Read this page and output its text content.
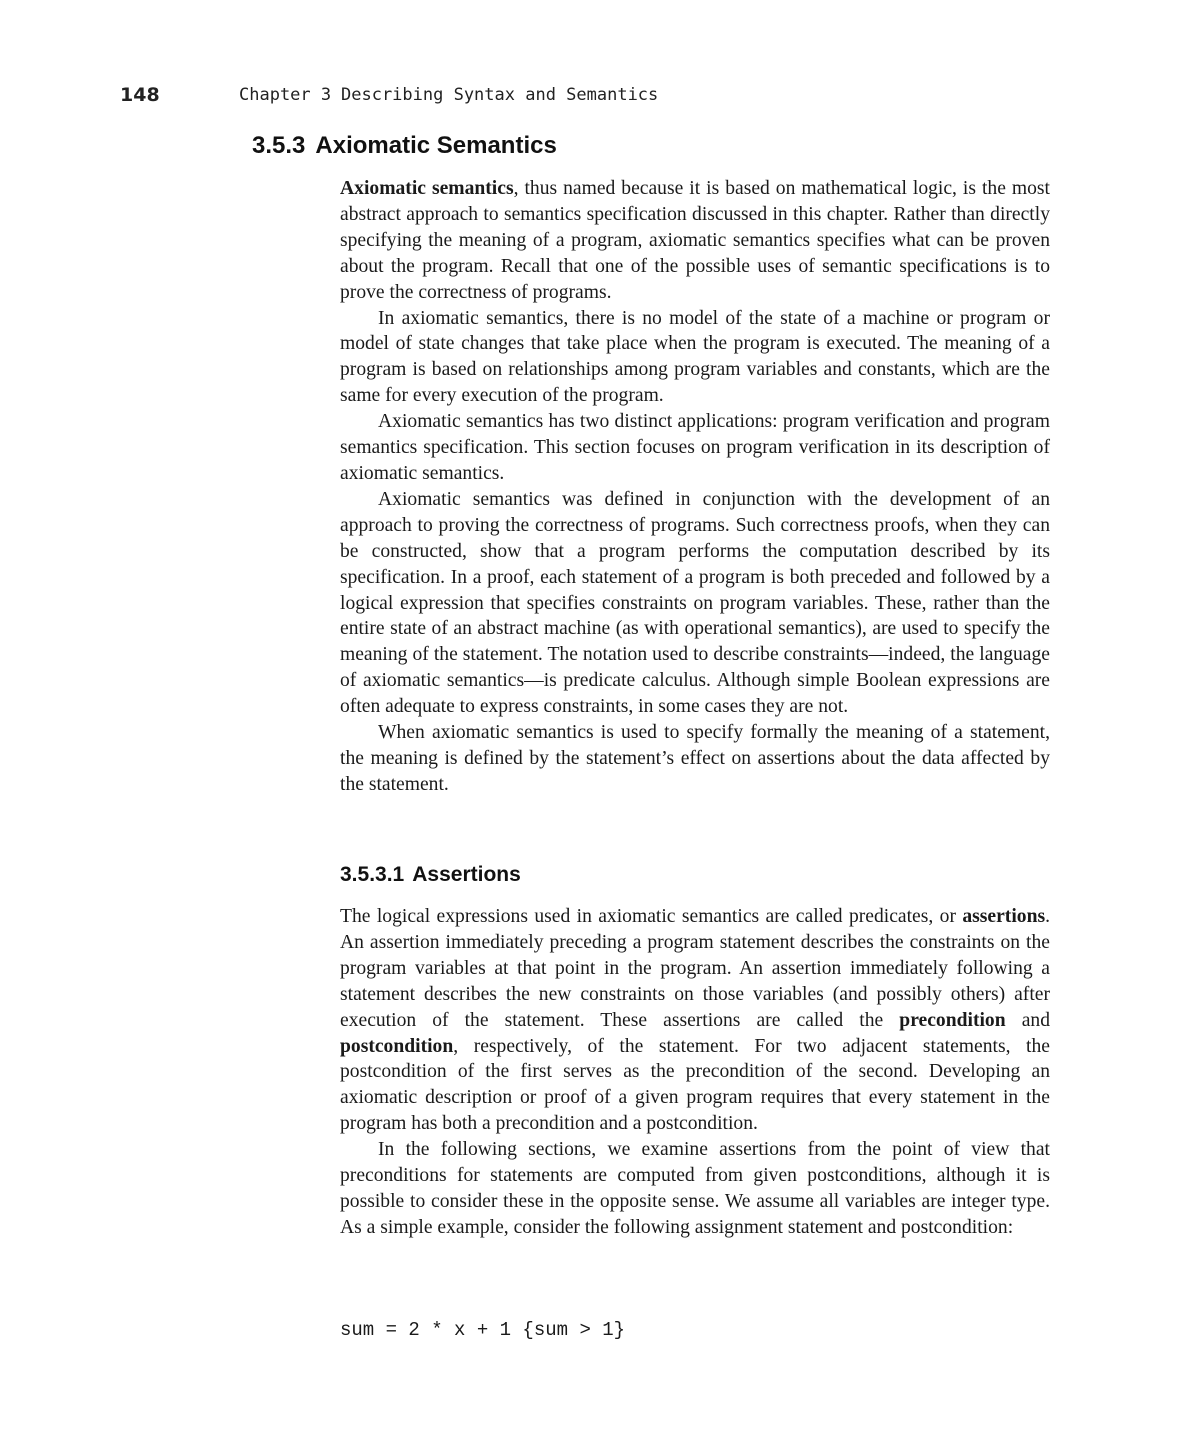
148	Chapter 3 Describing Syntax and Semantics
3.5.3 Axiomatic Semantics

Axiomatic semantics, thus named because it is based on mathematical logic, is the most abstract approach to semantics specification discussed in this chapter. Rather than directly specifying the meaning of a program, axiomatic semantics specifies what can be proven about the program. Recall that one of the possible uses of semantic specifications is to prove the correctness of programs.

In axiomatic semantics, there is no model of the state of a machine or program or model of state changes that take place when the program is executed. The meaning of a program is based on relationships among program variables and constants, which are the same for every execution of the program.

Axiomatic semantics has two distinct applications: program verification and program semantics specification. This section focuses on program verification in its description of axiomatic semantics.

Axiomatic semantics was defined in conjunction with the development of an approach to proving the correctness of programs. Such correctness proofs, when they can be constructed, show that a program performs the computation described by its specification. In a proof, each statement of a program is both preceded and followed by a logical expression that specifies constraints on program variables. These, rather than the entire state of an abstract machine (as with operational semantics), are used to specify the meaning of the statement. The notation used to describe constraints—indeed, the language of axiomatic semantics—is predicate calculus. Although simple Boolean expressions are often adequate to express constraints, in some cases they are not.

When axiomatic semantics is used to specify formally the meaning of a statement, the meaning is defined by the statement’s effect on assertions about the data affected by the statement.

3.5.3.1 Assertions

The logical expressions used in axiomatic semantics are called predicates, or assertions. An assertion immediately preceding a program statement describes the constraints on the program variables at that point in the program. An assertion immediately following a statement describes the new constraints on those variables (and possibly others) after execution of the statement. These assertions are called the precondition and postcondition, respectively, of the statement. For two adjacent statements, the postcondition of the first serves as the precondition of the second. Developing an axiomatic description or proof of a given program requires that every statement in the program has both a precondition and a postcondition.

In the following sections, we examine assertions from the point of view that preconditions for statements are computed from given postconditions, although it is possible to consider these in the opposite sense. We assume all variables are integer type. As a simple example, consider the following assignment statement and postcondition:

sum = 2 * x + 1 {sum > 1}
